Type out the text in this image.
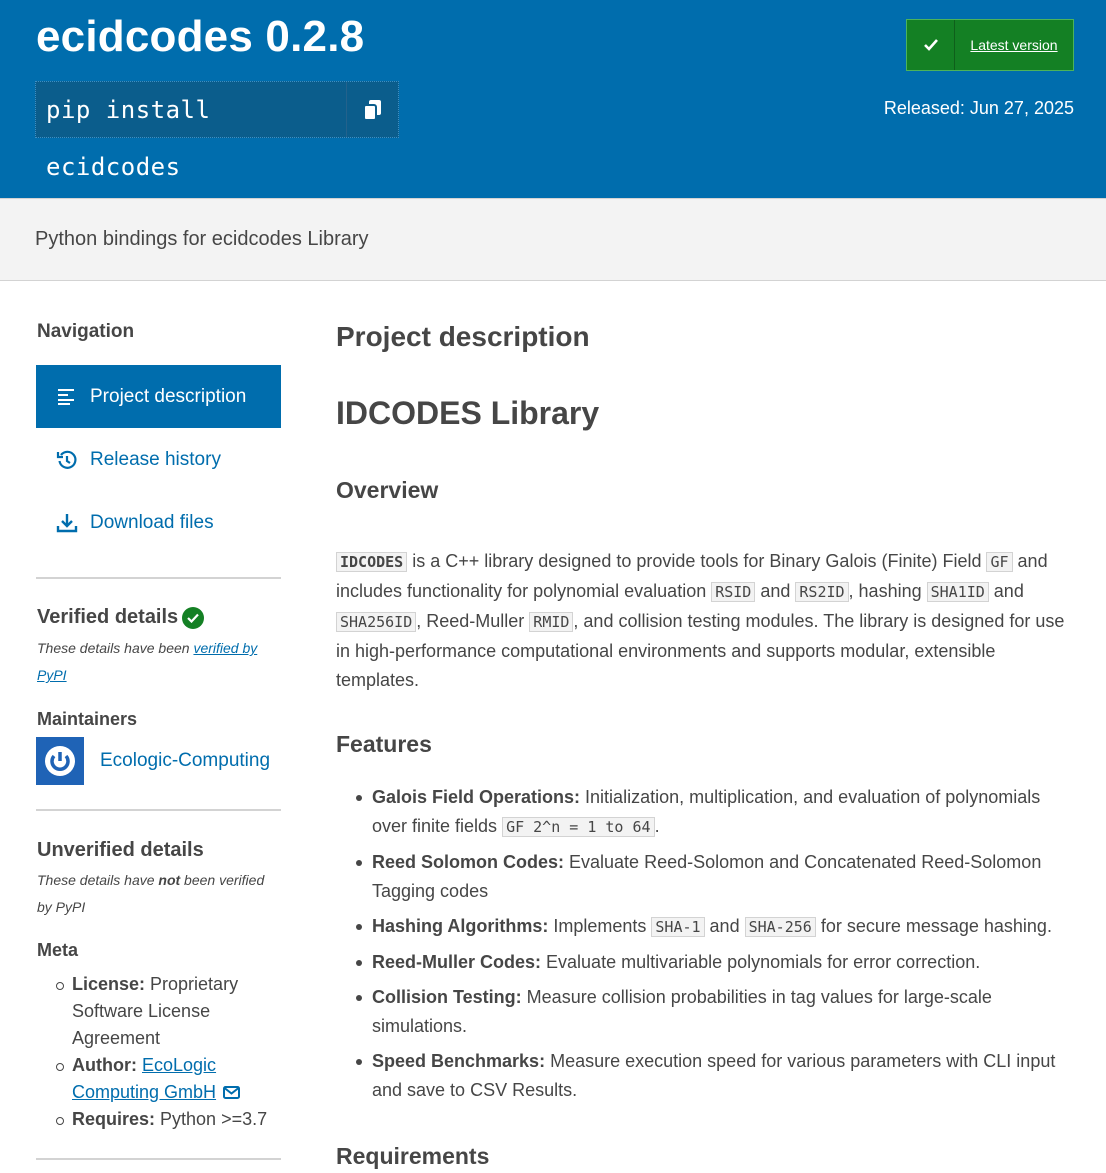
ecidcodes 0.2.8
pip install ecidcodes
Latest version
Released: Jun 27, 2025

Python bindings for ecidcodes Library

Navigation
Project description
Release history
Download files
Verified details
These details have been verified by PyPI
Maintainers
Ecologic-Computing
Unverified details
These details have not been verified by PyPI
Meta
License: Proprietary Software License Agreement
Author: EcoLogic Computing GmbH
Requires: Python >=3.7
Project description
IDCODES Library
Overview

IDCODES is a C++ library designed to provide tools for Binary Galois (Finite) Field GF and includes functionality for polynomial evaluation RSID and RS2ID , hashing SHA1ID and SHA256ID , Reed-Muller RMID , and collision testing modules. The library is designed for use in high-performance computational environments and supports modular, extensible templates.

Features
Galois Field Operations: Initialization, multiplication, and evaluation of polynomials over finite fields GF 2^n = 1 to 64 .
Reed Solomon Codes: Evaluate Reed-Solomon and Concatenated Reed-Solomon Tagging codes
Hashing Algorithms: Implements SHA-1 and SHA-256 for secure message hashing.
Reed-Muller Codes: Evaluate multivariable polynomials for error correction.
Collision Testing: Measure collision probabilities in tag values for large-scale simulations.
Speed Benchmarks: Measure execution speed for various parameters with CLI input and save to CSV Results.
Requirements
